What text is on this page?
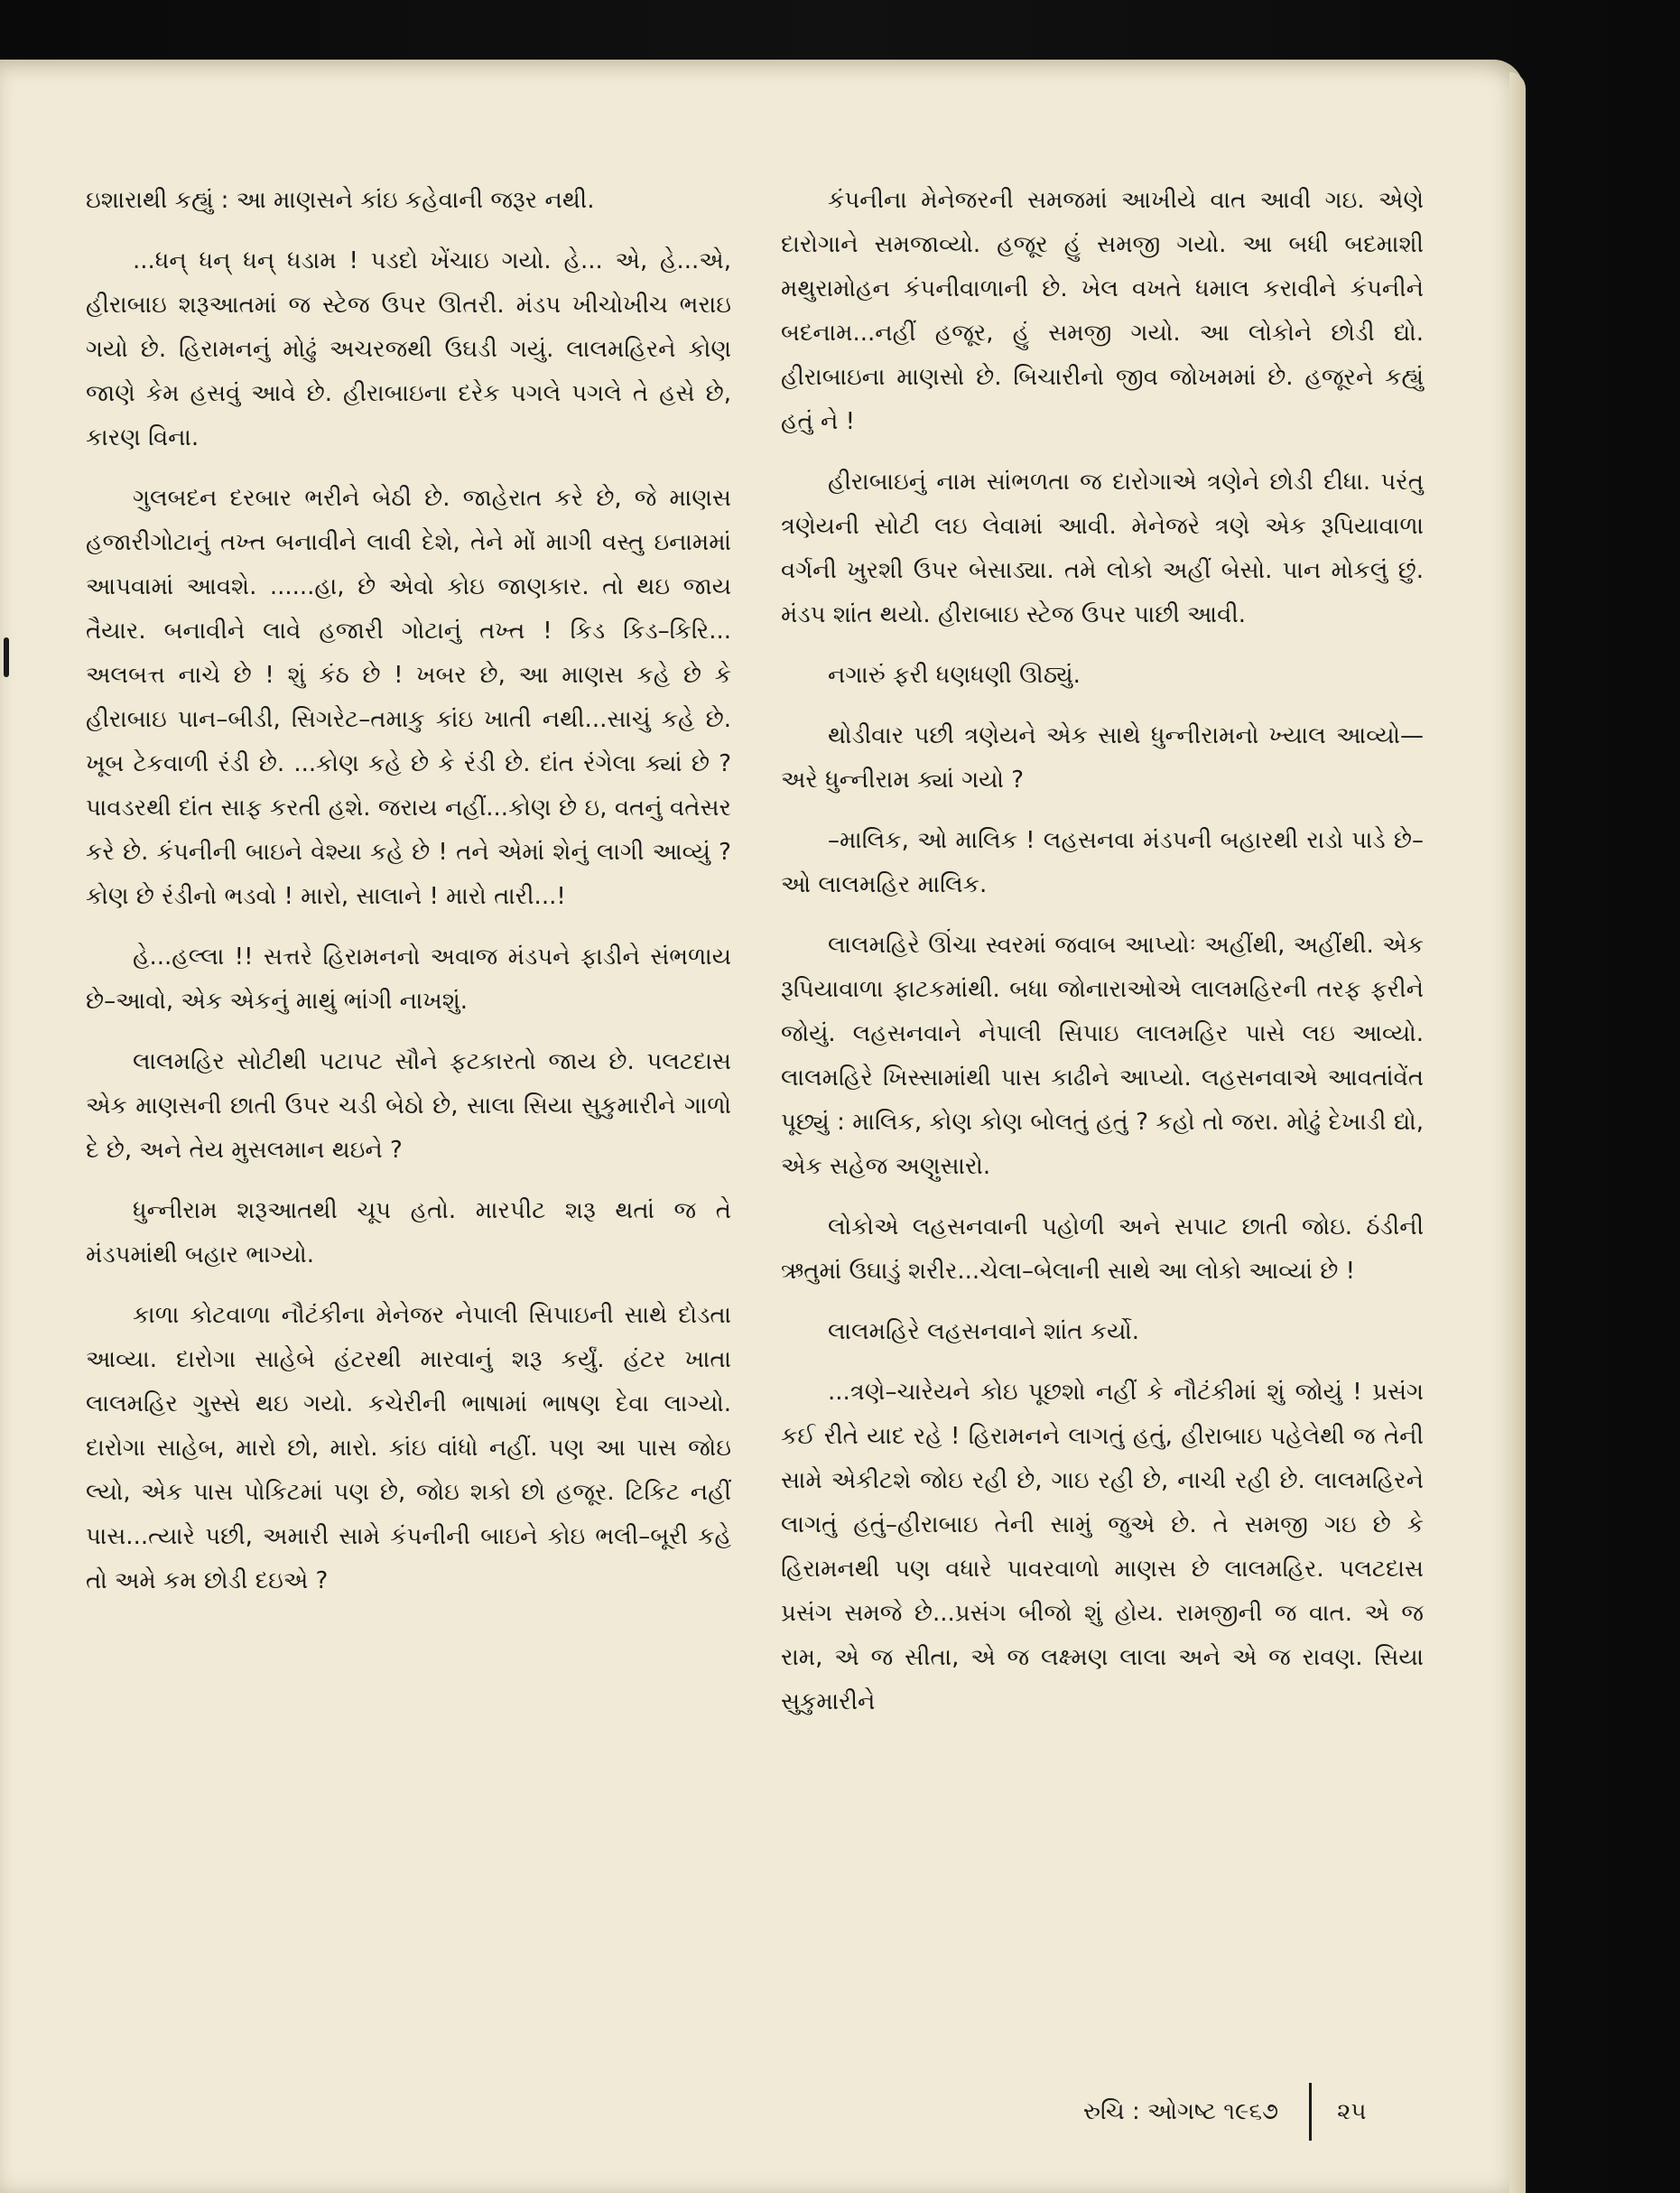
ઇશારાથી કહ્યું : આ માણસને કાંઇ કહેવાની જરૂર નથી.

...ધન્ ધન્ ધન્ ધડામ ! પડદો ખેંચાઇ ગયો. હે... એ, હે...એ, હીરાબાઇ શરૂઆતમાં જ સ્ટેજ ઉપર ઊતરી. મંડપ ખીચોખીચ ભરાઇ ગયો છે. હિરામનનું મોઢું અચરજથી ઉઘડી ગયું. લાલમહિરને કોણ જાણે કેમ હસવું આવે છે. હીરાબાઇના દરેક પગલે પગલે તે હસે છે, કારણ વિના.

ગુલબદન દરબાર ભરીને બેઠી છે. જાહેરાત કરે છે, જે માણસ હજારીગોટાનું તખ્ત બનાવીને લાવી દેશે, તેને મોં માગી વસ્તુ ઇનામમાં આપવામાં આવશે. ......હા, છે એવો કોઇ જાણકાર. તો થઇ જાય તૈયાર. બનાવીને લાવે હજારી ગોટાનું તખ્ત ! કિડ કિડ–કિરિ... અલબત્ત નાચે છે ! શું કંઠ છે ! ખબર છે, આ માણસ કહે છે કે હીરાબાઇ પાન–બીડી, સિગરેટ–તમાકુ કાંઇ ખાતી નથી...સાચું કહે છે. ખૂબ ટેકવાળી રંડી છે. ...કોણ કહે છે કે રંડી છે. દાંત રંગેલા ક્યાં છે ? પાવડરથી દાંત સાફ કરતી હશે. જરાય નહીં...કોણ છે ઇ, વતનું વતેસર કરે છે. કંપનીની બાઇને વેશ્યા કહે છે ! તને એમાં શેનું લાગી આવ્યું ? કોણ છે રંડીનો ભડવો ! મારો, સાલાને ! મારો તારી...!

હે...હલ્લા !! સત્તરે હિરામનનો અવાજ મંડપને ફાડીને સંભળાય છે–આવો, એક એકનું માથું ભાંગી નાખશું.

લાલમહિર સોટીથી પટાપટ સૌને ફટકારતો જાય છે. પલટદાસ એક માણસની છાતી ઉપર ચડી બેઠો છે, સાલા સિયા સુકુમારીને ગાળો દે છે, અને તેય મુસલમાન થઇને ?

ધુન્નીરામ શરૂઆતથી ચૂપ હતો. મારપીટ શરૂ થતાં જ તે મંડપમાંથી બહાર ભાગ્યો.

કાળા કોટવાળા નૌટંકીના મેનેજર નેપાલી સિપાઇની સાથે દોડતા આવ્યા. દારોગા સાહેબે હંટરથી મારવાનું શરૂ કર્યું. હંટર ખાતા લાલમહિર ગુસ્સે થઇ ગયો. કચેરીની ભાષામાં ભાષણ દેવા લાગ્યો. દારોગા સાહેબ, મારો છો, મારો. કાંઇ વાંધો નહીં. પણ આ પાસ જોઇ લ્યો, એક પાસ પોકિટમાં પણ છે, જોઇ શકો છો હજૂર. ટિકિટ નહીં પાસ...ત્યારે પછી, અમારી સામે કંપનીની બાઇને કોઇ ભલી–બૂરી કહે તો અમે કમ છોડી દઇએ ?

કંપનીના મેનેજરની સમજમાં આખીયે વાત આવી ગઇ. એણે દારોગાને સમજાવ્યો. હજૂર હું સમજી ગયો. આ બધી બદમાશી મથુરામોહન કંપનીવાળાની છે. ખેલ વખતે ધમાલ કરાવીને કંપનીને બદનામ...નહીં હજૂર, હું સમજી ગયો. આ લોકોને છોડી દ્યો. હીરાબાઇના માણસો છે. બિચારીનો જીવ જોખમમાં છે. હજૂરને કહ્યું હતું ને !

હીરાબાઇનું નામ સાંભળતા જ દારોગાએ ત્રણેને છોડી દીધા. પરંતુ ત્રણેયની સોટી લઇ લેવામાં આવી. મેનેજરે ત્રણે એક રૂપિયાવાળા વર્ગની ખુરશી ઉપર બેસાડ્યા. તમે લોકો અહીં બેસો. પાન મોકલું છું. મંડપ શાંત થયો. હીરાબાઇ સ્ટેજ ઉપર પાછી આવી.

નગારું ફરી ધણધણી ઊઠ્યું.

થોડીવાર પછી ત્રણેયને એક સાથે ધુન્નીરામનો ખ્યાલ આવ્યો—અરે ધુન્નીરામ ક્યાં ગયો ?

–માલિક, ઓ માલિક ! લહસનવા મંડપની બહારથી રાડો પાડે છે– ઓ લાલમહિર માલિક.

લાલમહિરે ઊંચા સ્વરમાં જવાબ આપ્યોઃ અહીંથી, અહીંથી. એક રૂપિયાવાળા ફાટકમાંથી. બધા જોનારાઓએ લાલમહિરની તરફ ફરીને જોયું. લહસનવાને નેપાલી સિપાઇ લાલમહિર પાસે લઇ આવ્યો. લાલમહિરે ખિસ્સામાંથી પાસ કાઢીને આપ્યો. લહસનવાએ આવતાંવેંત પૂછ્યું : માલિક, કોણ કોણ બોલતું હતું ? કહો તો જરા. મોઢું દેખાડી દ્યો, એક સહેજ અણુસારો.

લોકોએ લહસનવાની પહોળી અને સપાટ છાતી જોઇ. ઠંડીની ઋતુમાં ઉઘાડું શરીર...ચેલા–બેલાની સાથે આ લોકો આવ્યાં છે !

લાલમહિરે લહસનવાને શાંત કર્યો.

...ત્રણે–ચારેયને કોઇ પૂછશો નહીં કે નૌટંકીમાં શું જોયું ! પ્રસંગ કઈ રીતે યાદ રહે ! હિરામનને લાગતું હતું, હીરાબાઇ પહેલેથી જ તેની સામે એકીટશે જોઇ રહી છે, ગાઇ રહી છે, નાચી રહી છે. લાલમહિરને લાગતું હતું–હીરાબાઇ તેની સામું જુએ છે. તે સમજી ગઇ છે કે હિરામનથી પણ વધારે પાવરવાળો માણસ છે લાલમહિર. પલટદાસ પ્રસંગ સમજે છે...પ્રસંગ બીજો શું હોય. રામજીની જ વાત. એ જ રામ, એ જ સીતા, એ જ લક્ષ્મણ લાલા અને એ જ રાવણ. સિયા સુકુમારીને

રુચિ : ઓગષ્ટ ૧૯૬૭	૨૫
